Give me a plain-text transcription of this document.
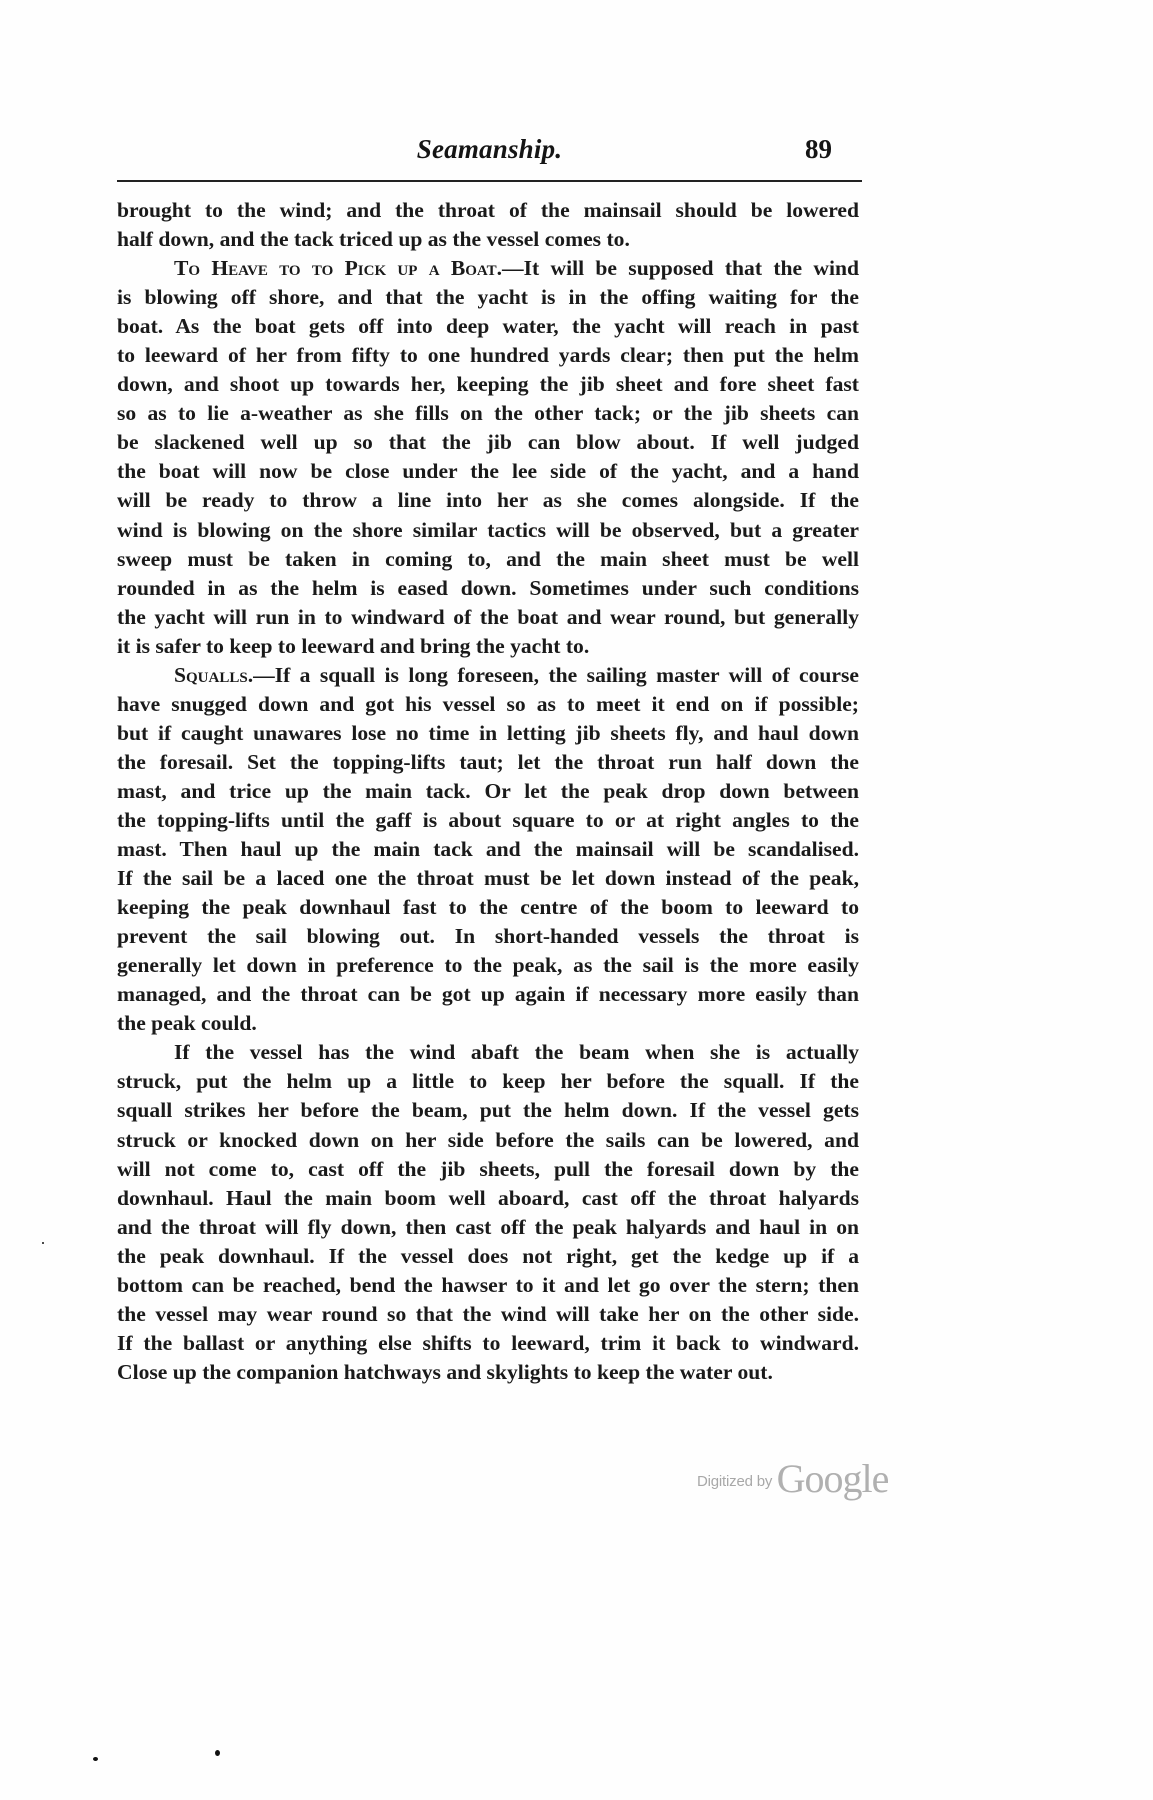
Seamanship.	89
brought to the wind; and the throat of the mainsail should be lowered
half down, and the tack triced up as the vessel comes to.
To Heave to to Pick up a Boat.—It will be supposed that the wind
is blowing off shore, and that the yacht is in the offing waiting for the
boat. As the boat gets off into deep water, the yacht will reach in past
to leeward of her from fifty to one hundred yards clear; then put the helm
down, and shoot up towards her, keeping the jib sheet and fore sheet fast
so as to lie a-weather as she fills on the other tack; or the jib sheets can
be slackened well up so that the jib can blow about. If well judged
the boat will now be close under the lee side of the yacht, and a hand
will be ready to throw a line into her as she comes alongside. If the
wind is blowing on the shore similar tactics will be observed, but a greater
sweep must be taken in coming to, and the main sheet must be well
rounded in as the helm is eased down. Sometimes under such conditions
the yacht will run in to windward of the boat and wear round, but generally
it is safer to keep to leeward and bring the yacht to.
Squalls.—If a squall is long foreseen, the sailing master will of course
have snugged down and got his vessel so as to meet it end on if possible;
but if caught unawares lose no time in letting jib sheets fly, and haul down
the foresail. Set the topping-lifts taut; let the throat run half down the
mast, and trice up the main tack. Or let the peak drop down between
the topping-lifts until the gaff is about square to or at right angles to the
mast. Then haul up the main tack and the mainsail will be scandalised.
If the sail be a laced one the throat must be let down instead of the peak,
keeping the peak downhaul fast to the centre of the boom to leeward to
prevent the sail blowing out. In short-handed vessels the throat is
generally let down in preference to the peak, as the sail is the more easily
managed, and the throat can be got up again if necessary more easily than
the peak could.
If the vessel has the wind abaft the beam when she is actually
struck, put the helm up a little to keep her before the squall. If the
squall strikes her before the beam, put the helm down. If the vessel gets
struck or knocked down on her side before the sails can be lowered, and
will not come to, cast off the jib sheets, pull the foresail down by the
downhaul. Haul the main boom well aboard, cast off the throat halyards
and the throat will fly down, then cast off the peak halyards and haul in on
the peak downhaul. If the vessel does not right, get the kedge up if a
bottom can be reached, bend the hawser to it and let go over the stern; then
the vessel may wear round so that the wind will take her on the other side.
If the ballast or anything else shifts to leeward, trim it back to windward.
Close up the companion hatchways and skylights to keep the water out.
Digitized by Google
